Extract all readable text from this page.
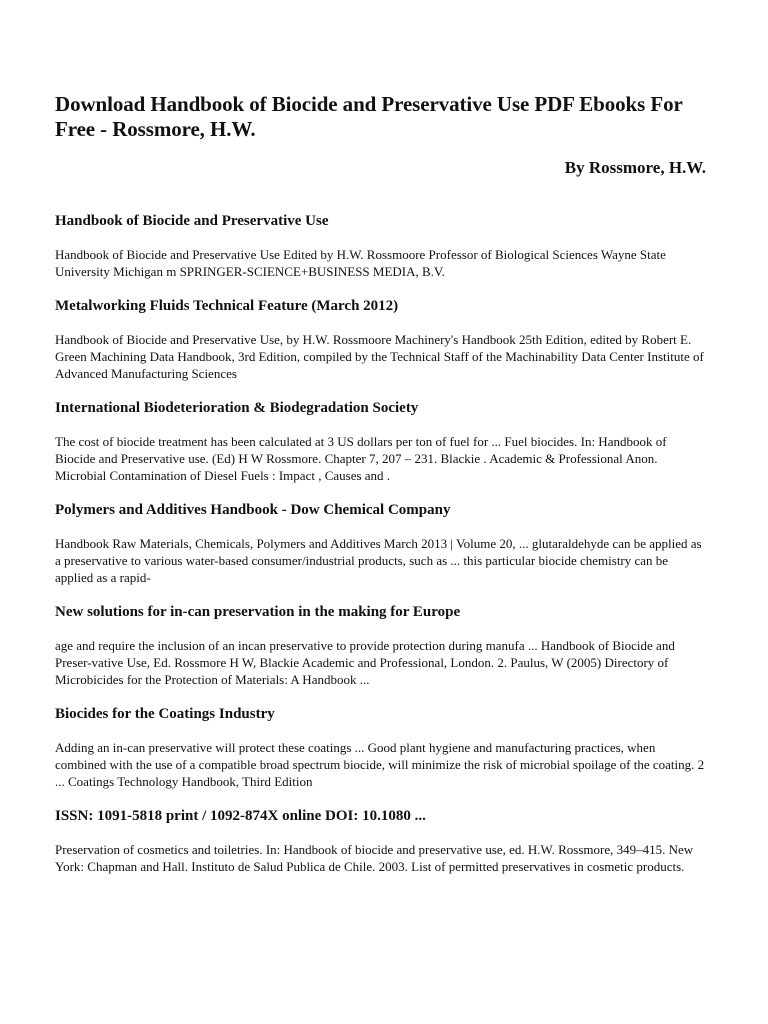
Download Handbook of Biocide and Preservative Use PDF Ebooks For Free - Rossmore, H.W.
By Rossmore, H.W.
Handbook of Biocide and Preservative Use

Handbook of Biocide and Preservative Use Edited by H.W. Rossmoore Professor of Biological Sciences Wayne State University Michigan m SPRINGER-SCIENCE+BUSINESS MEDIA, B.V.

Metalworking Fluids Technical Feature (March 2012)

Handbook of Biocide and Preservative Use, by H.W. Rossmoore Machinery's Handbook 25th Edition, edited by Robert E. Green Machining Data Handbook, 3rd Edition, compiled by the Technical Staff of the Machinability Data Center Institute of Advanced Manufacturing Sciences

International Biodeterioration & Biodegradation Society

The cost of biocide treatment has been calculated at 3 US dollars per ton of fuel for ... Fuel biocides. In: Handbook of Biocide and Preservative use. (Ed) H W Rossmore. Chapter 7, 207 – 231. Blackie . Academic & Professional Anon. Microbial Contamination of Diesel Fuels : Impact , Causes and .

Polymers and Additives Handbook - Dow Chemical Company

Handbook Raw Materials, Chemicals, Polymers and Additives March 2013 | Volume 20, ... glutaraldehyde can be applied as a preservative to various water-based consumer/industrial products, such as ... this particular biocide chemistry can be applied as a rapid-

New solutions for in-can preservation in the making for Europe

age and require the inclusion of an incan preservative to provide protection during manufa ... Handbook of Biocide and Preser-vative Use, Ed. Rossmore H W, Blackie Academic and Professional, London. 2. Paulus, W (2005) Directory of Microbicides for the Protection of Materials: A Handbook ...

Biocides for the Coatings Industry

Adding an in-can preservative will protect these coatings ... Good plant hygiene and manufacturing practices, when combined with the use of a compatible broad spectrum biocide, will minimize the risk of microbial spoilage of the coating. 2 ... Coatings Technology Handbook, Third Edition

ISSN: 1091-5818 print / 1092-874X online DOI: 10.1080 ...

Preservation of cosmetics and toiletries. In: Handbook of biocide and preservative use, ed. H.W. Rossmore, 349–415. New York: Chapman and Hall. Instituto de Salud Publica de Chile. 2003. List of permitted preservatives in cosmetic products.
